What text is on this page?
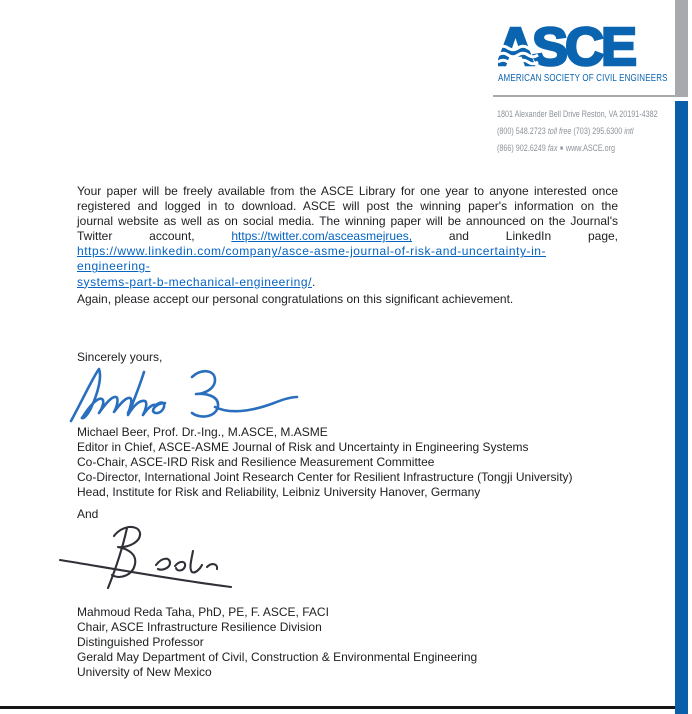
ASCE
AMERICAN SOCIETY OF CIVIL ENGINEERS
1801 Alexander Bell Drive Reston, VA 20191-4382
(800) 548.2723 toll free (703) 295.6300 intl
(866) 902.6249 fax ■ www.ASCE.org
Your paper will be freely available from the ASCE Library for one year to anyone interested once
registered and logged in to download. ASCE will post the winning paper's information on the
journal website as well as on social media. The winning paper will be announced on the Journal's
Twitter account, https://twitter.com/asceasmejrues, and LinkedIn page,
https://www.linkedin.com/company/asce-asme-journal-of-risk-and-uncertainty-in-engineering-
systems-part-b-mechanical-engineering/.
Again, please accept our personal congratulations on this significant achievement.
Sincerely yours,
Michael Beer, Prof. Dr.-Ing., M.ASCE, M.ASME
Editor in Chief, ASCE-ASME Journal of Risk and Uncertainty in Engineering Systems
Co-Chair, ASCE-IRD Risk and Resilience Measurement Committee
Co-Director, International Joint Research Center for Resilient Infrastructure (Tongji University)
Head, Institute for Risk and Reliability, Leibniz University Hanover, Germany
And
Mahmoud Reda Taha, PhD, PE, F. ASCE, FACI
Chair, ASCE Infrastructure Resilience Division
Distinguished Professor
Gerald May Department of Civil, Construction & Environmental Engineering
University of New Mexico
